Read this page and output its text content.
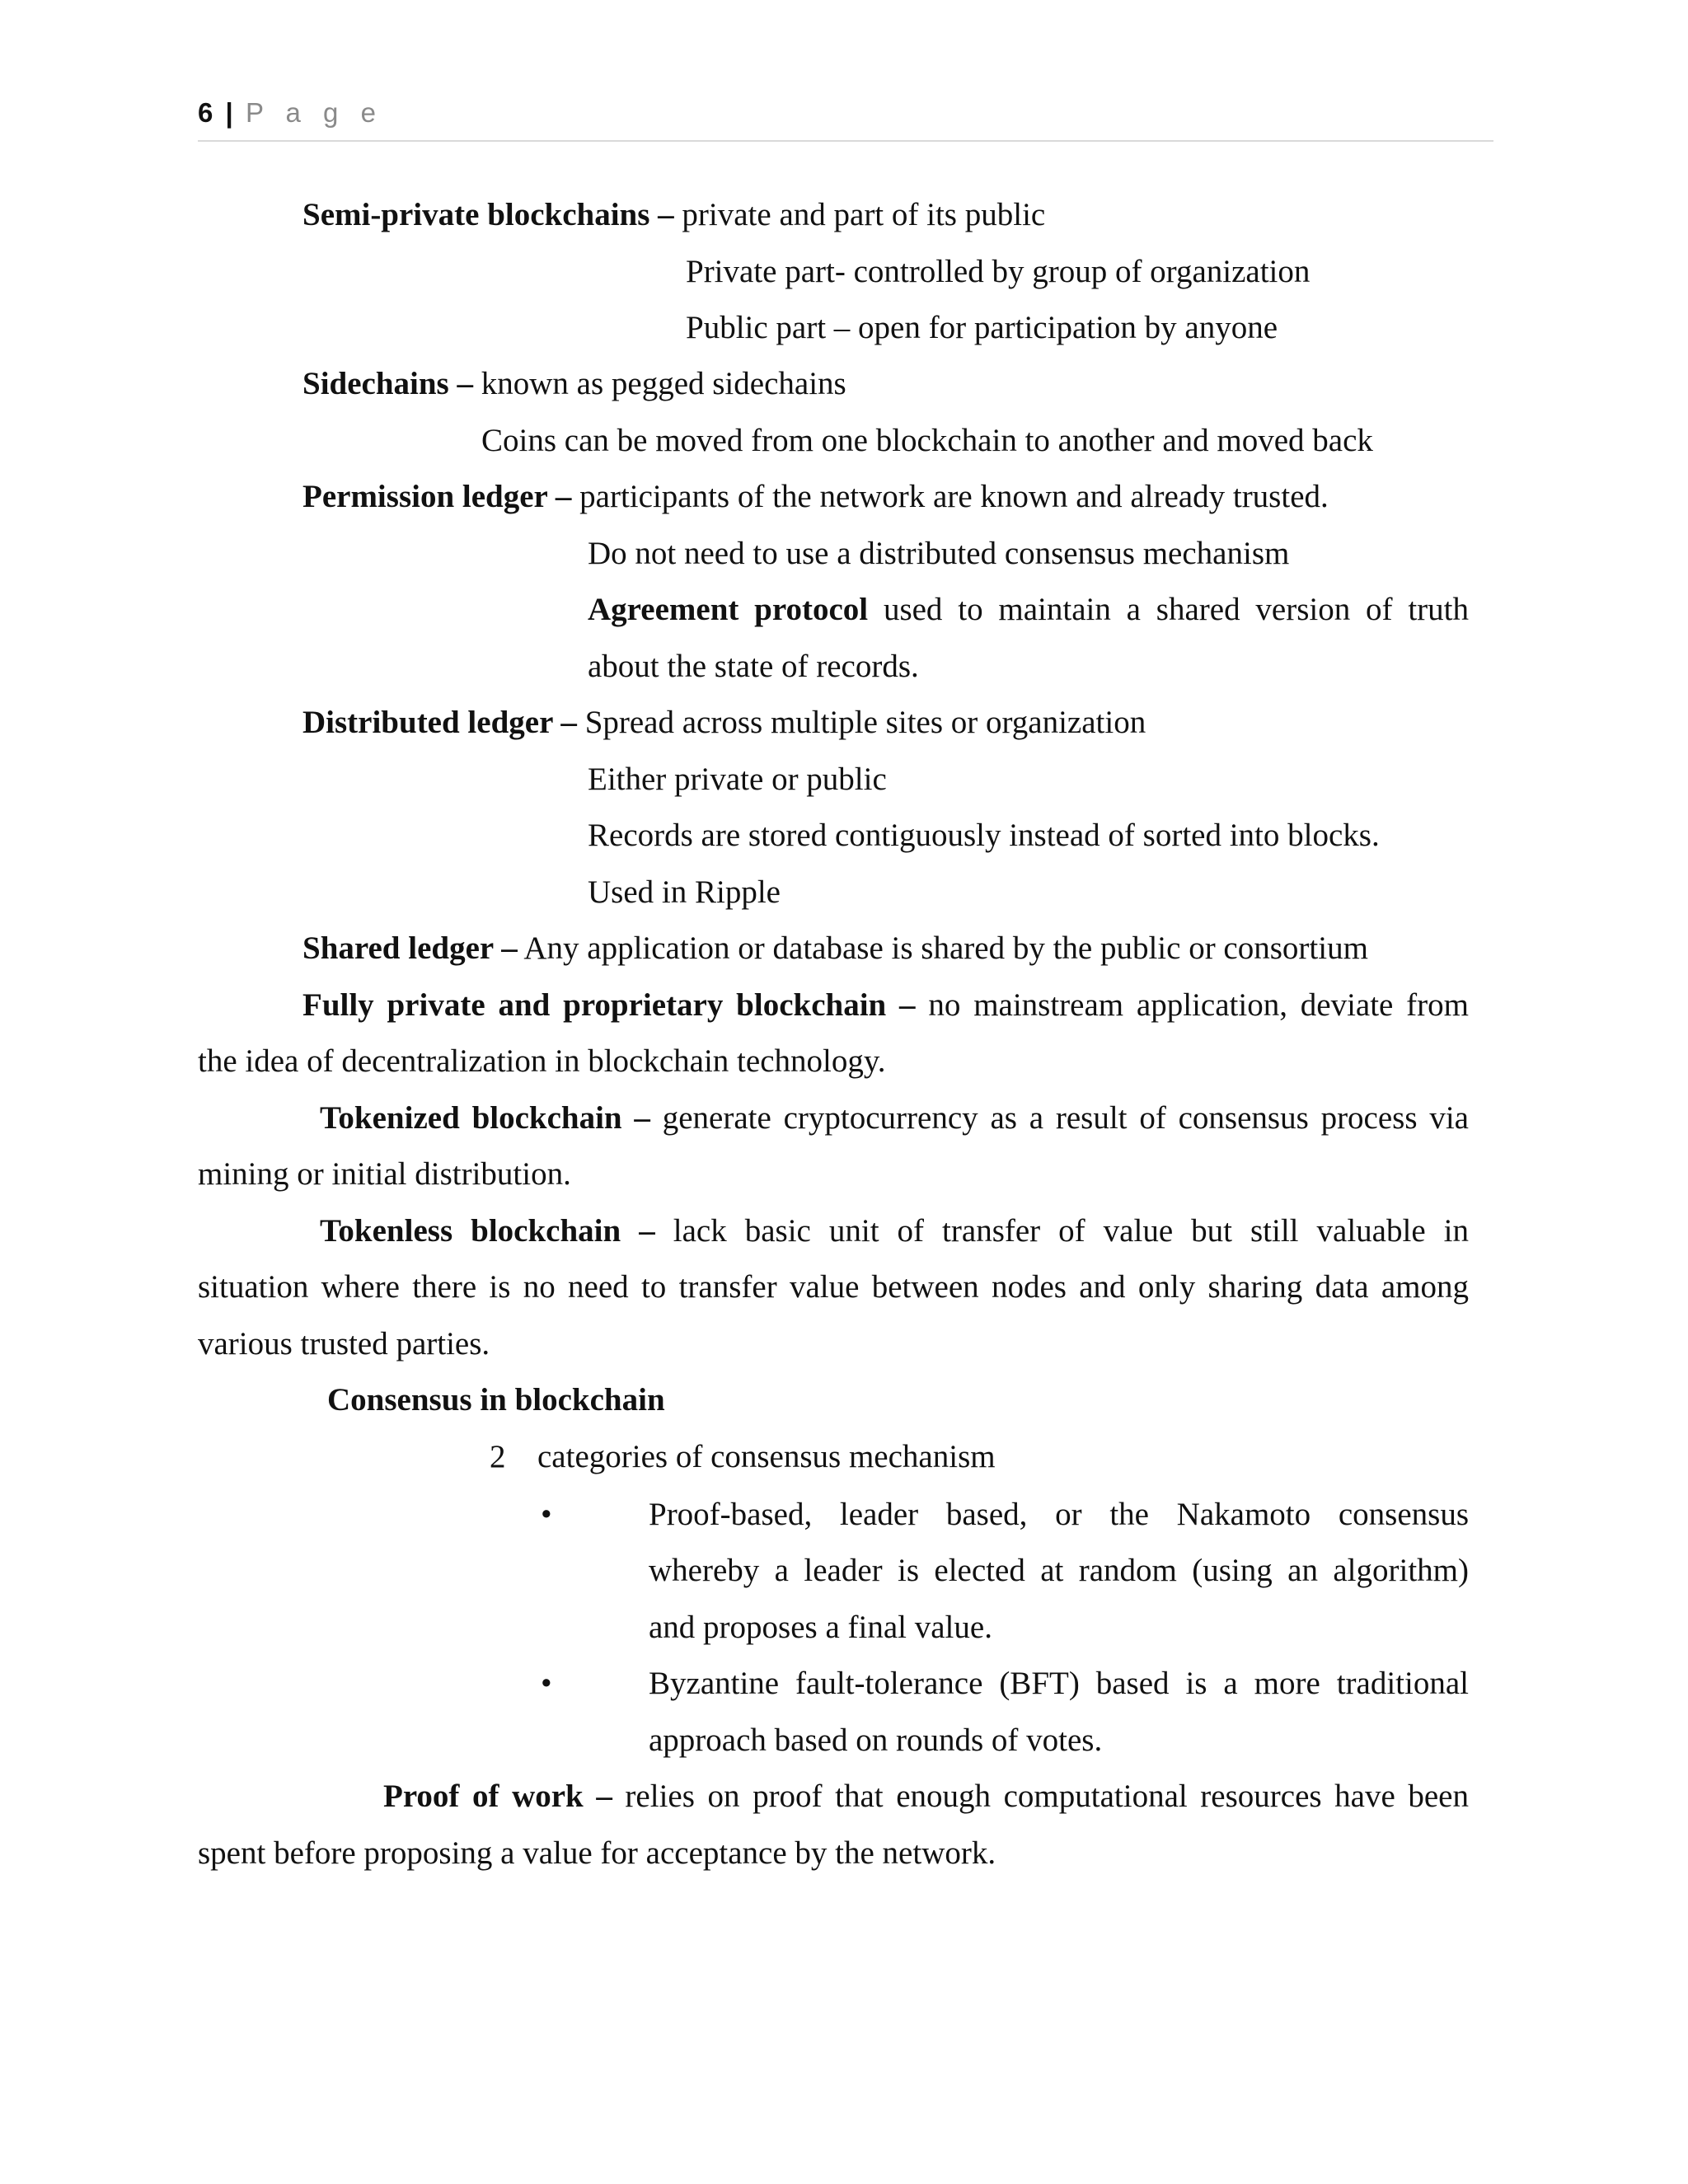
6 | P a g e
Semi-private blockchains – private and part of its public
Private part- controlled by group of organization
Public part – open for participation by anyone
Sidechains – known as pegged sidechains
Coins can be moved from one blockchain to another and moved back
Permission ledger – participants of the network are known and already trusted.
Do not need to use a distributed consensus mechanism
Agreement protocol used to maintain a shared version of truth
about the state of records.
Distributed ledger – Spread across multiple sites or organization
Either private or public
Records are stored contiguously instead of sorted into blocks.
Used in Ripple
Shared ledger – Any application or database is shared by the public or consortium
Fully private and proprietary blockchain – no mainstream application, deviate from
the idea of decentralization in blockchain technology.
Tokenized blockchain – generate cryptocurrency as a result of consensus process via
mining or initial distribution.
Tokenless blockchain – lack basic unit of transfer of value but still valuable in
situation where there is no need to transfer value between nodes and only sharing data among
various trusted parties.
Consensus in blockchain
2 categories of consensus mechanism
•	Proof-based, leader based, or the Nakamoto consensus
whereby a leader is elected at random (using an algorithm)
and proposes a final value.
•	Byzantine fault-tolerance (BFT) based is a more traditional
approach based on rounds of votes.
Proof of work – relies on proof that enough computational resources have been
spent before proposing a value for acceptance by the network.
